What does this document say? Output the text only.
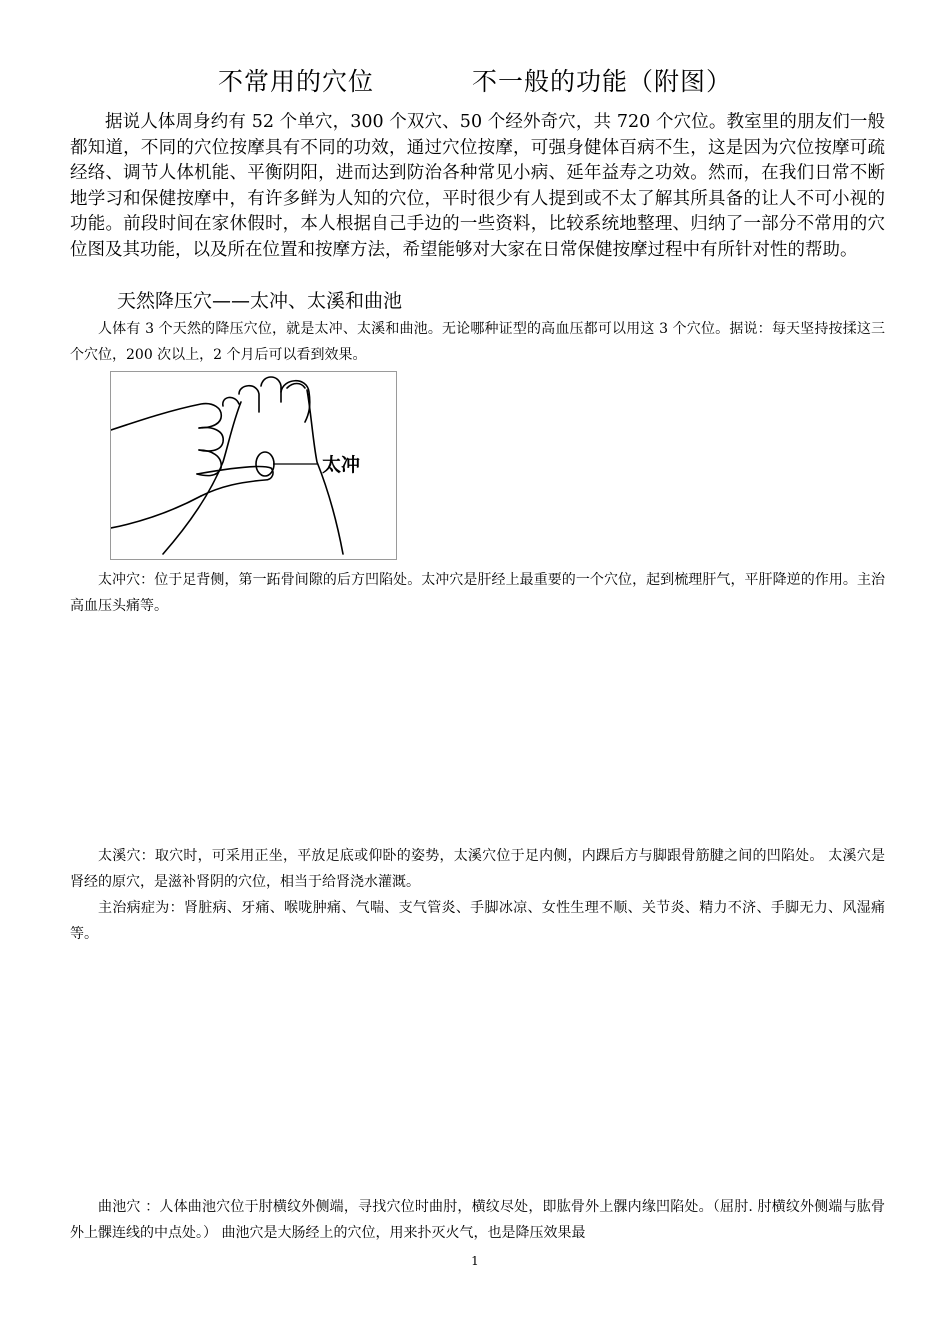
不常用的穴位	不一般的功能（附图）

据说人体周身约有 52 个单穴，300 个双穴、50 个经外奇穴，共 720 个穴位。教室里的朋友们一般都知道，不同的穴位按摩具有不同的功效，通过穴位按摩，可强身健体百病不生，这是因为穴位按摩可疏经络、调节人体机能、平衡阴阳，进而达到防治各种常见小病、延年益寿之功效。然而，在我们日常不断地学习和保健按摩中，有许多鲜为人知的穴位，平时很少有人提到或不太了解其所具备的让人不可小视的功能。前段时间在家休假时，本人根据自己手边的一些资料，比较系统地整理、归纳了一部分不常用的穴位图及其功能，以及所在位置和按摩方法，希望能够对大家在日常保健按摩过程中有所针对性的帮助。

天然降压穴——太冲、太溪和曲池

人体有 3 个天然的降压穴位，就是太冲、太溪和曲池。无论哪种证型的高血压都可以用这 3 个穴位。据说：每天坚持按揉这三个穴位，200 次以上，2 个月后可以看到效果。

太冲

太冲穴：位于足背侧，第一跖骨间隙的后方凹陷处。太冲穴是肝经上最重要的一个穴位，起到梳理肝气，平肝降逆的作用。主治高血压头痛等。

太溪穴：取穴时，可采用正坐，平放足底或仰卧的姿势，太溪穴位于足内侧，内踝后方与脚跟骨筋腱之间的凹陷处。 太溪穴是肾经的原穴，是滋补肾阴的穴位，相当于给肾浇水灌溉。

主治病症为：肾脏病、牙痛、喉咙肿痛、气喘、支气管炎、手脚冰凉、女性生理不顺、关节炎、精力不济、手脚无力、风湿痛等。

曲池穴 ：人体曲池穴位于肘横纹外侧端，寻找穴位时曲肘，横纹尽处，即肱骨外上髁内缘凹陷处。（屈肘. 肘横纹外侧端与肱骨外上髁连线的中点处。） 曲池穴是大肠经上的穴位，用来扑灭火气，也是降压效果最

1
